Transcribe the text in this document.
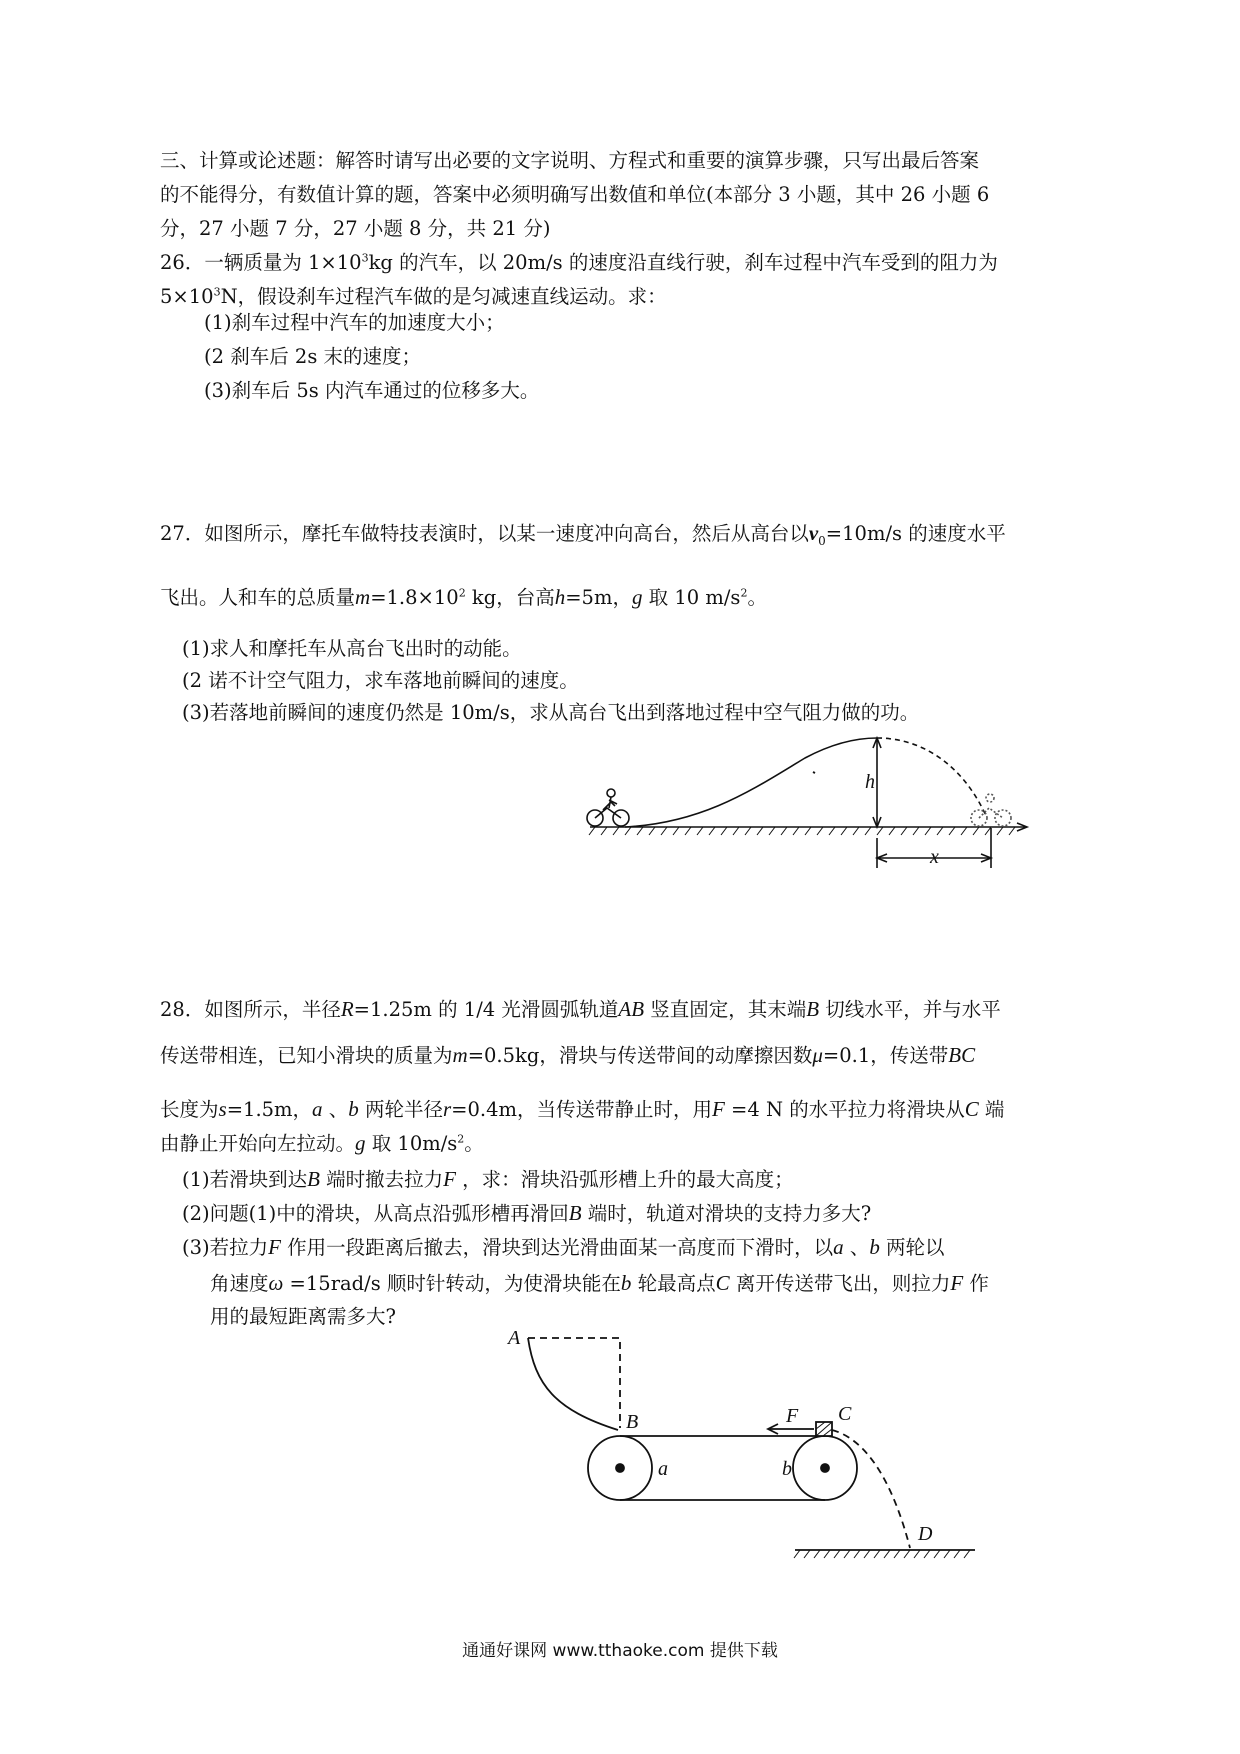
三、计算或论述题：解答时请写出必要的文字说明、方程式和重要的演算步骤，只写出最后答案
的不能得分，有数值计算的题，答案中必须明确写出数值和单位(本部分 3 小题，其中 26 小题 6
分，27 小题 7 分，27 小题 8 分，共 21 分)
26．一辆质量为 $1\times 10^3kg$ 的汽车，以 20m/s 的速度沿直线行驶，刹车过程中汽车受到的阻力为
$5\times 10^3N$，假设刹车过程汽车做的是匀减速直线运动。求：
(1)刹车过程中汽车的加速度大小；
(2 刹车后 2s 末的速度；
(3)刹车后 5s 内汽车通过的位移多大。
27．如图所示，摩托车做特技表演时，以某一速度冲向高台，然后从高台以$v_0=10m/s$ 的速度水平
飞出。人和车的总质量$m=1.8\times 10^2$ kg，台高h=5m，g 取 10 $m/s^2$。
(1)求人和摩托车从高台飞出时的动能。
(2 诺不计空气阻力，求车落地前瞬间的速度。
(3)若落地前瞬间的速度仍然是 10m/s，求从高台飞出到落地过程中空气阻力做的功。
h
x
28．如图所示，半径R=1.25m 的 1/4 光滑圆弧轨道AB 竖直固定，其末端B 切线水平，并与水平
传送带相连，已知小滑块的质量为m=0.5kg，滑块与传送带间的动摩擦因数μ=0.1，传送带BC
长度为s=1.5m，a 、b 两轮半径r=0.4m，当传送带静止时，用F =4 N 的水平拉力将滑块从C 端
由静止开始向左拉动。g 取 $10m/s^2$。
(1)若滑块到达B 端时撤去拉力F ，求：滑块沿弧形槽上升的最大高度；
(2)问题(1)中的滑块，从高点沿弧形槽再滑回B 端时，轨道对滑块的支持力多大?
(3)若拉力F 作用一段距离后撤去，滑块到达光滑曲面某一高度而下滑时，以a 、b 两轮以
角速度ω =15rad/s 顺时针转动，为使滑块能在b 轮最高点C 离开传送带飞出，则拉力F 作
用的最短距离需多大?
A
B	C
D
F
a	b
通通好课网 www.tthaoke.com 提供下载
